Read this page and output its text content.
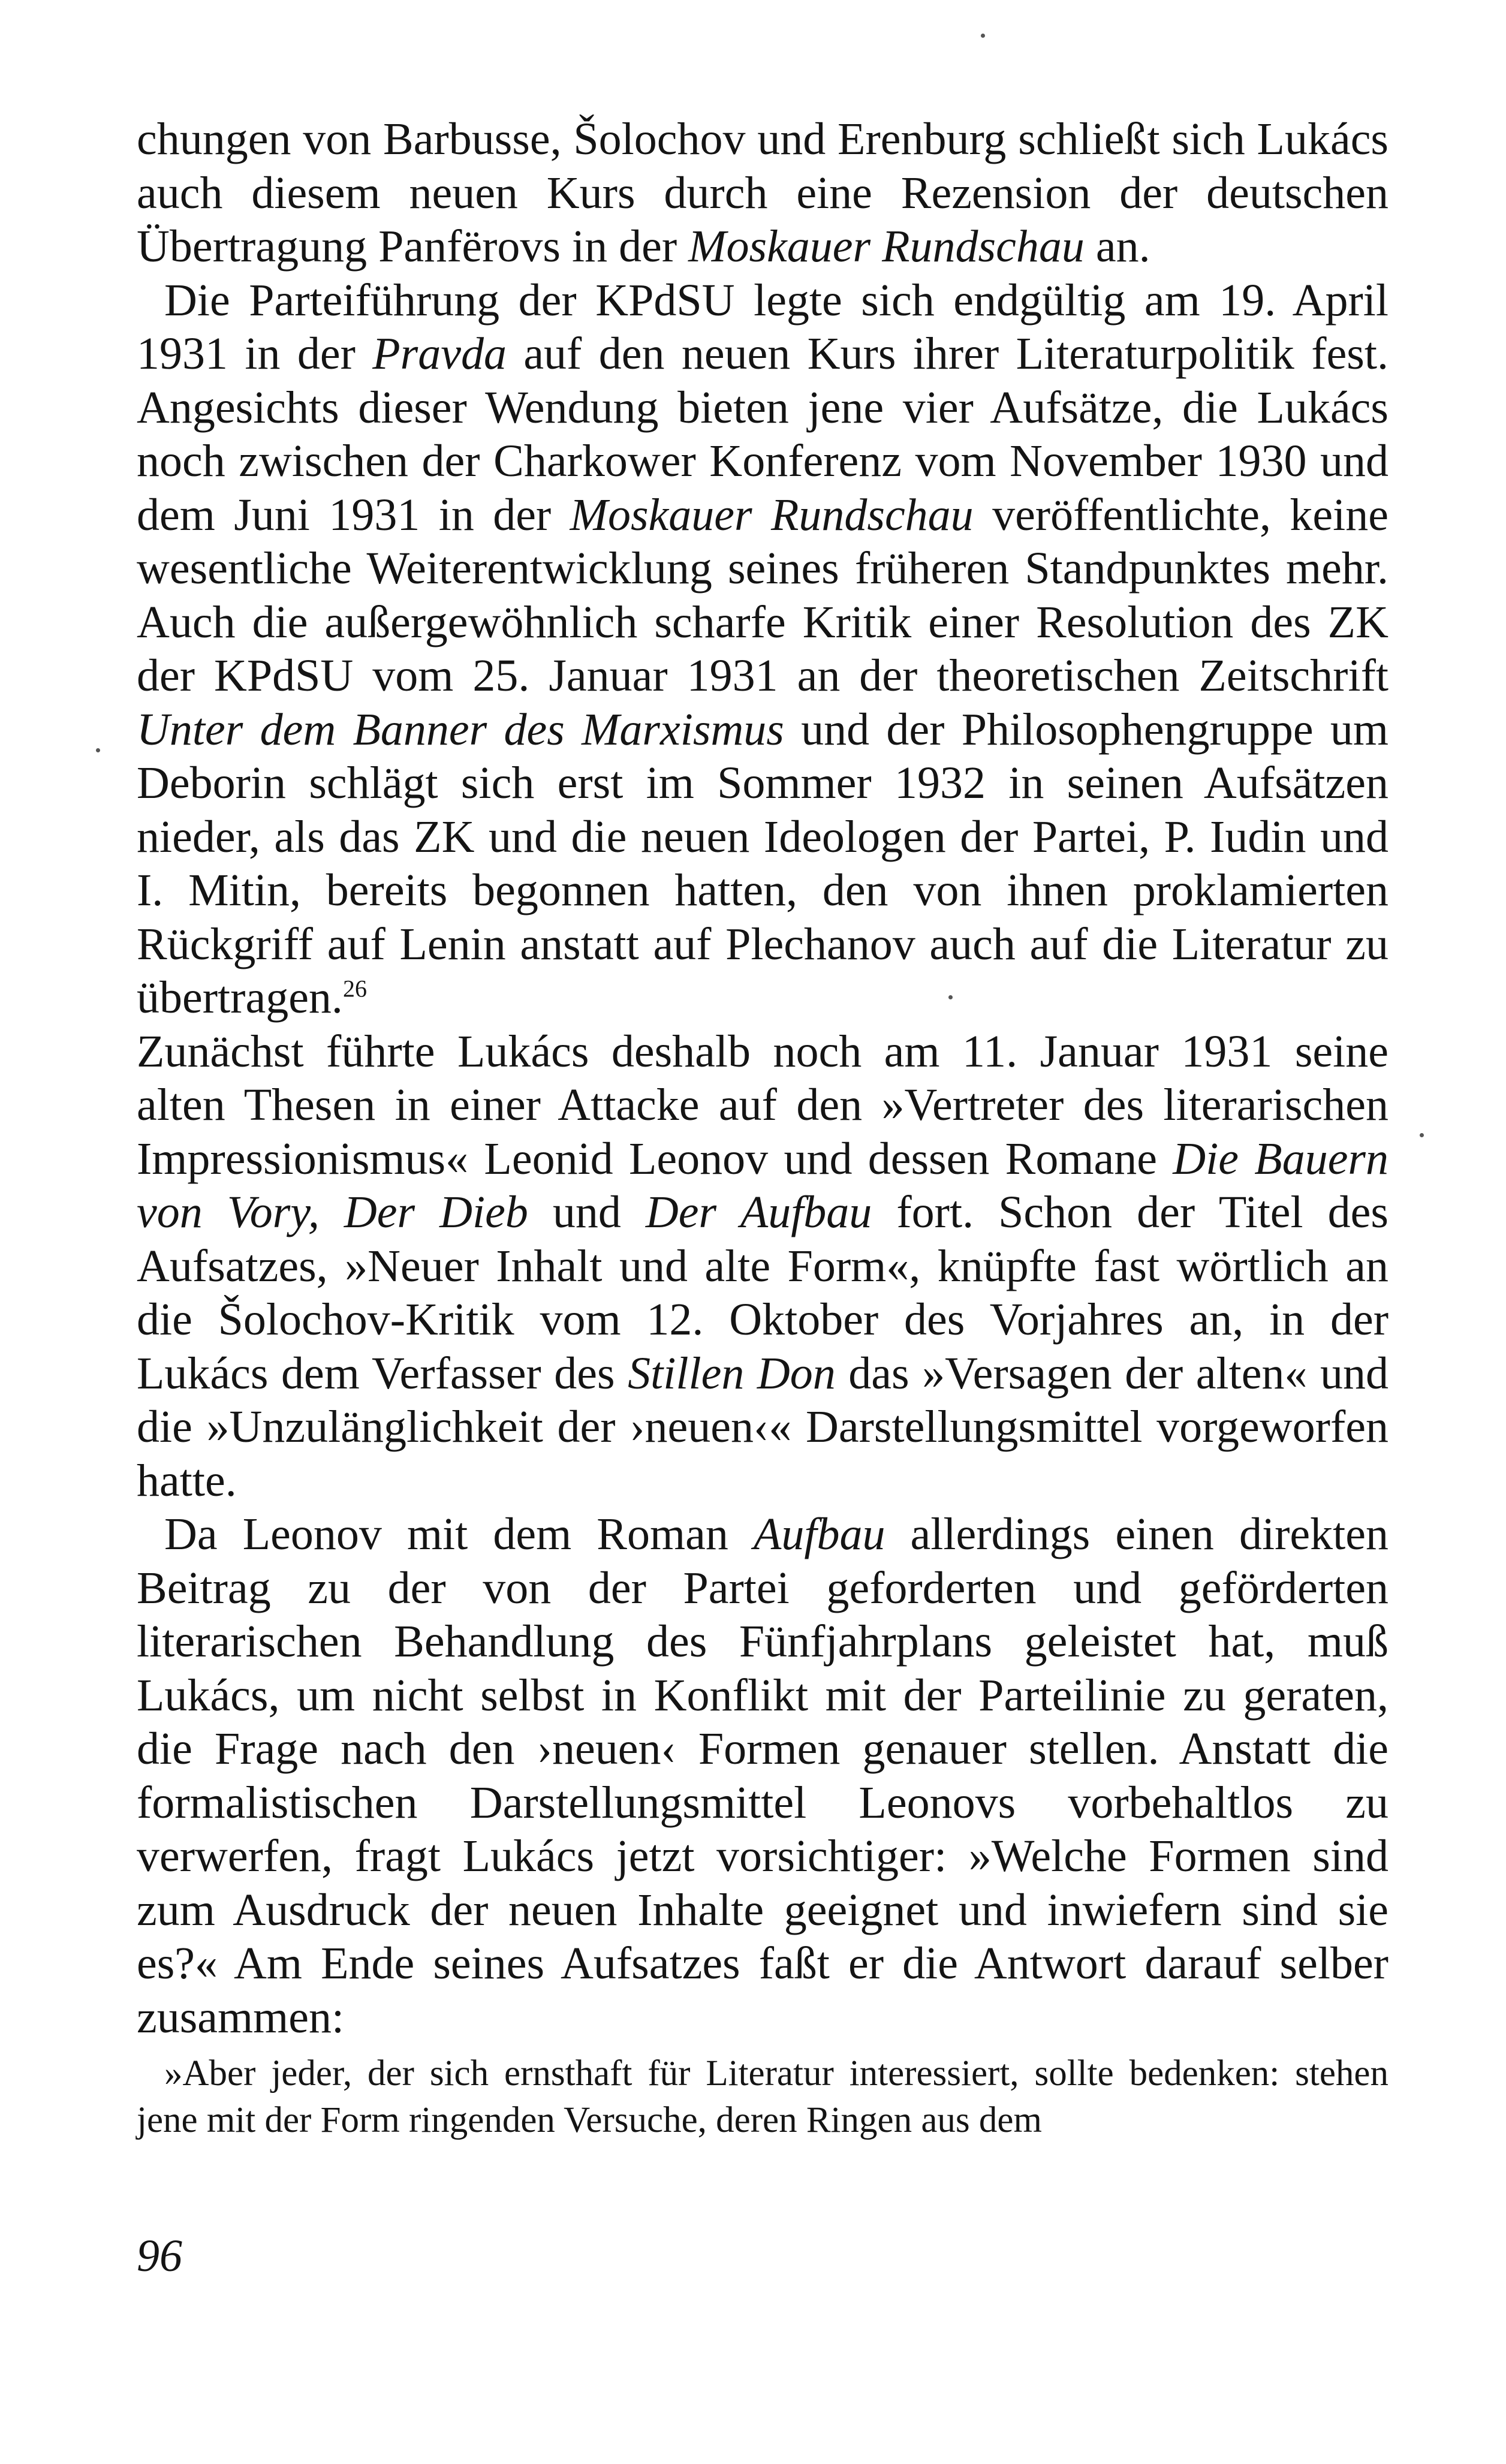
chungen von Barbusse, Šolochov und Erenburg schließt sich Lukács auch diesem neuen Kurs durch eine Rezension der deutschen Übertragung Panfërovs in der Moskauer Rundschau an.

Die Parteiführung der KPdSU legte sich endgültig am 19. April 1931 in der Pravda auf den neuen Kurs ihrer Literaturpolitik fest. Angesichts dieser Wendung bieten jene vier Aufsätze, die Lukács noch zwischen der Charkower Konferenz vom November 1930 und dem Juni 1931 in der Moskauer Rundschau veröffentlichte, keine wesentliche Weiterentwicklung seines früheren Standpunktes mehr. Auch die außergewöhnlich scharfe Kritik einer Resolution des ZK der KPdSU vom 25. Januar 1931 an der theoretischen Zeitschrift Unter dem Banner des Marxismus und der Philosophengruppe um Deborin schlägt sich erst im Sommer 1932 in seinen Aufsätzen nieder, als das ZK und die neuen Ideologen der Partei, P. Iudin und I. Mitin, bereits begonnen hatten, den von ihnen proklamierten Rückgriff auf Lenin anstatt auf Plechanov auch auf die Literatur zu übertragen.$^{26}$

Zunächst führte Lukács deshalb noch am 11. Januar 1931 seine alten Thesen in einer Attacke auf den »Vertreter des literarischen Impressionismus« Leonid Leonov und dessen Romane Die Bauern von Vory, Der Dieb und Der Aufbau fort. Schon der Titel des Aufsatzes, »Neuer Inhalt und alte Form«, knüpfte fast wörtlich an die Šolochov-Kritik vom 12. Oktober des Vorjahres an, in der Lukács dem Verfasser des Stillen Don das »Versagen der alten« und die »Unzulänglichkeit der ›neuen‹« Darstellungsmittel vorgeworfen hatte.

Da Leonov mit dem Roman Aufbau allerdings einen direkten Beitrag zu der von der Partei geforderten und geförderten literarischen Behandlung des Fünfjahrplans geleistet hat, muß Lukács, um nicht selbst in Konflikt mit der Parteilinie zu geraten, die Frage nach den ›neuen‹ Formen genauer stellen. Anstatt die formalistischen Darstellungsmittel Leonovs vorbehaltlos zu verwerfen, fragt Lukács jetzt vorsichtiger: »Welche Formen sind zum Ausdruck der neuen Inhalte geeignet und inwiefern sind sie es?« Am Ende seines Aufsatzes faßt er die Antwort darauf selber zusammen:

»Aber jeder, der sich ernsthaft für Literatur interessiert, sollte bedenken: stehen jene mit der Form ringenden Versuche, deren Ringen aus dem

96
